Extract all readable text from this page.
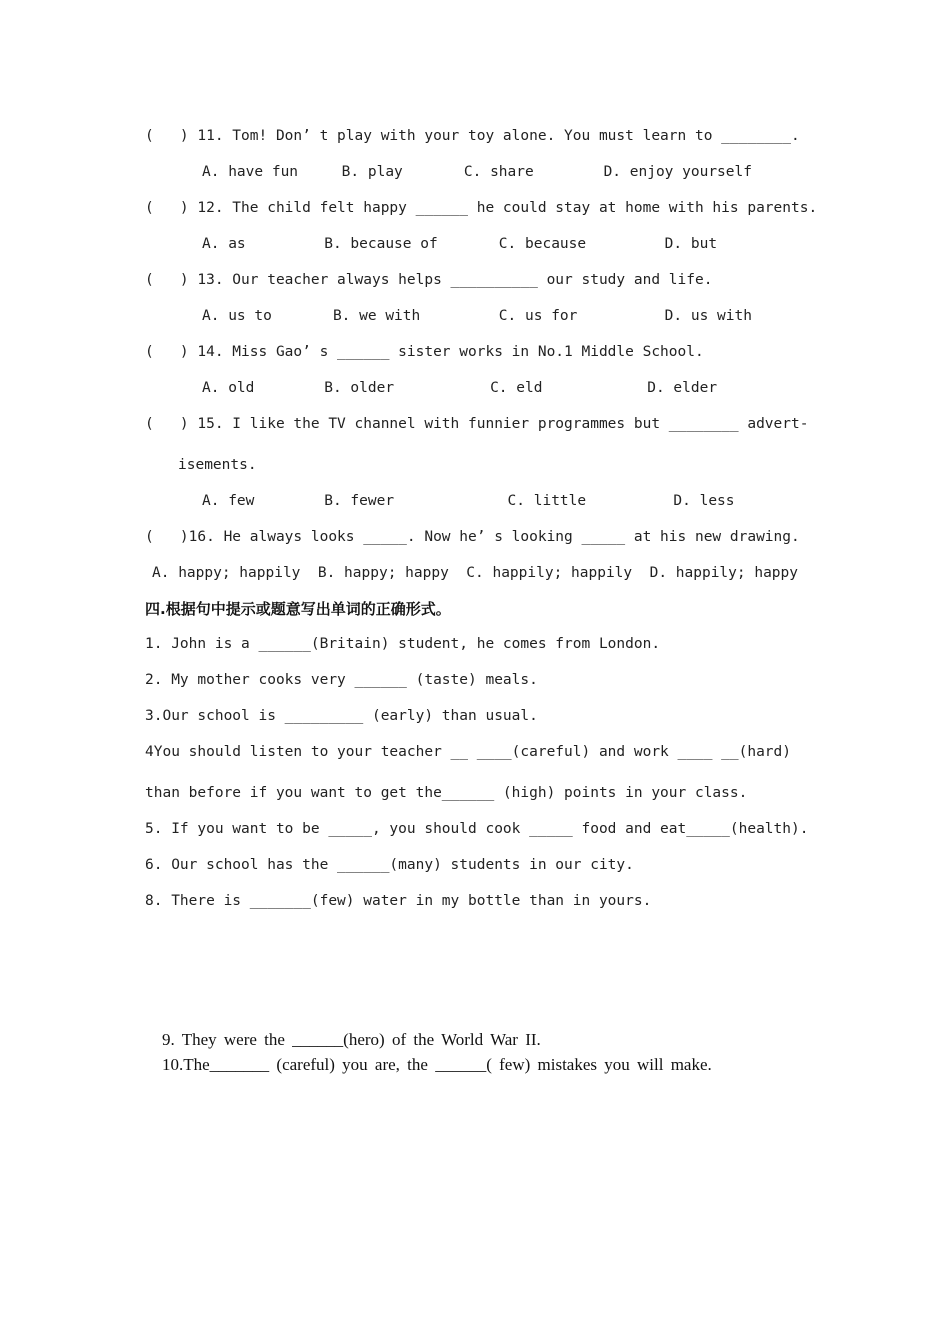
(   ) 11. Tom! Don’ t play with your toy alone. You must learn to ________.
A. have fun     B. play       C. share        D. enjoy yourself
(   ) 12. The child felt happy ______ he could stay at home with his parents.
A. as         B. because of       C. because         D. but
(   ) 13. Our teacher always helps __________ our study and life.
A. us to       B. we with         C. us for          D. us with
(   ) 14. Miss Gao’ s ______ sister works in No.1 Middle School.
A. old        B. older           C. eld            D. elder
(   ) 15. I like the TV channel with funnier programmes but ________ advert-
isements.
A. few        B. fewer             C. little          D. less
(   )16. He always looks _____. Now he’ s looking _____ at his new drawing.
A. happy; happily  B. happy; happy  C. happily; happily  D. happily; happy
四.根据句中提示或题意写出单词的正确形式。
1. John is a ______(Britain) student, he comes from London.
2. My mother cooks very ______ (taste) meals.
3.Our school is _________ (early) than usual.
4You should listen to your teacher __ ____(careful) and work ____ __(hard)
than before if you want to get the______ (high) points in your class.
5. If you want to be _____, you should cook _____ food and eat_____(health).
6. Our school has the ______(many) students in our city.
8. There is _______(few) water in my bottle than in yours.
9. They were the ______(hero) of the World War II.
10.The_______ (careful) you are, the ______( few) mistakes you will make.
